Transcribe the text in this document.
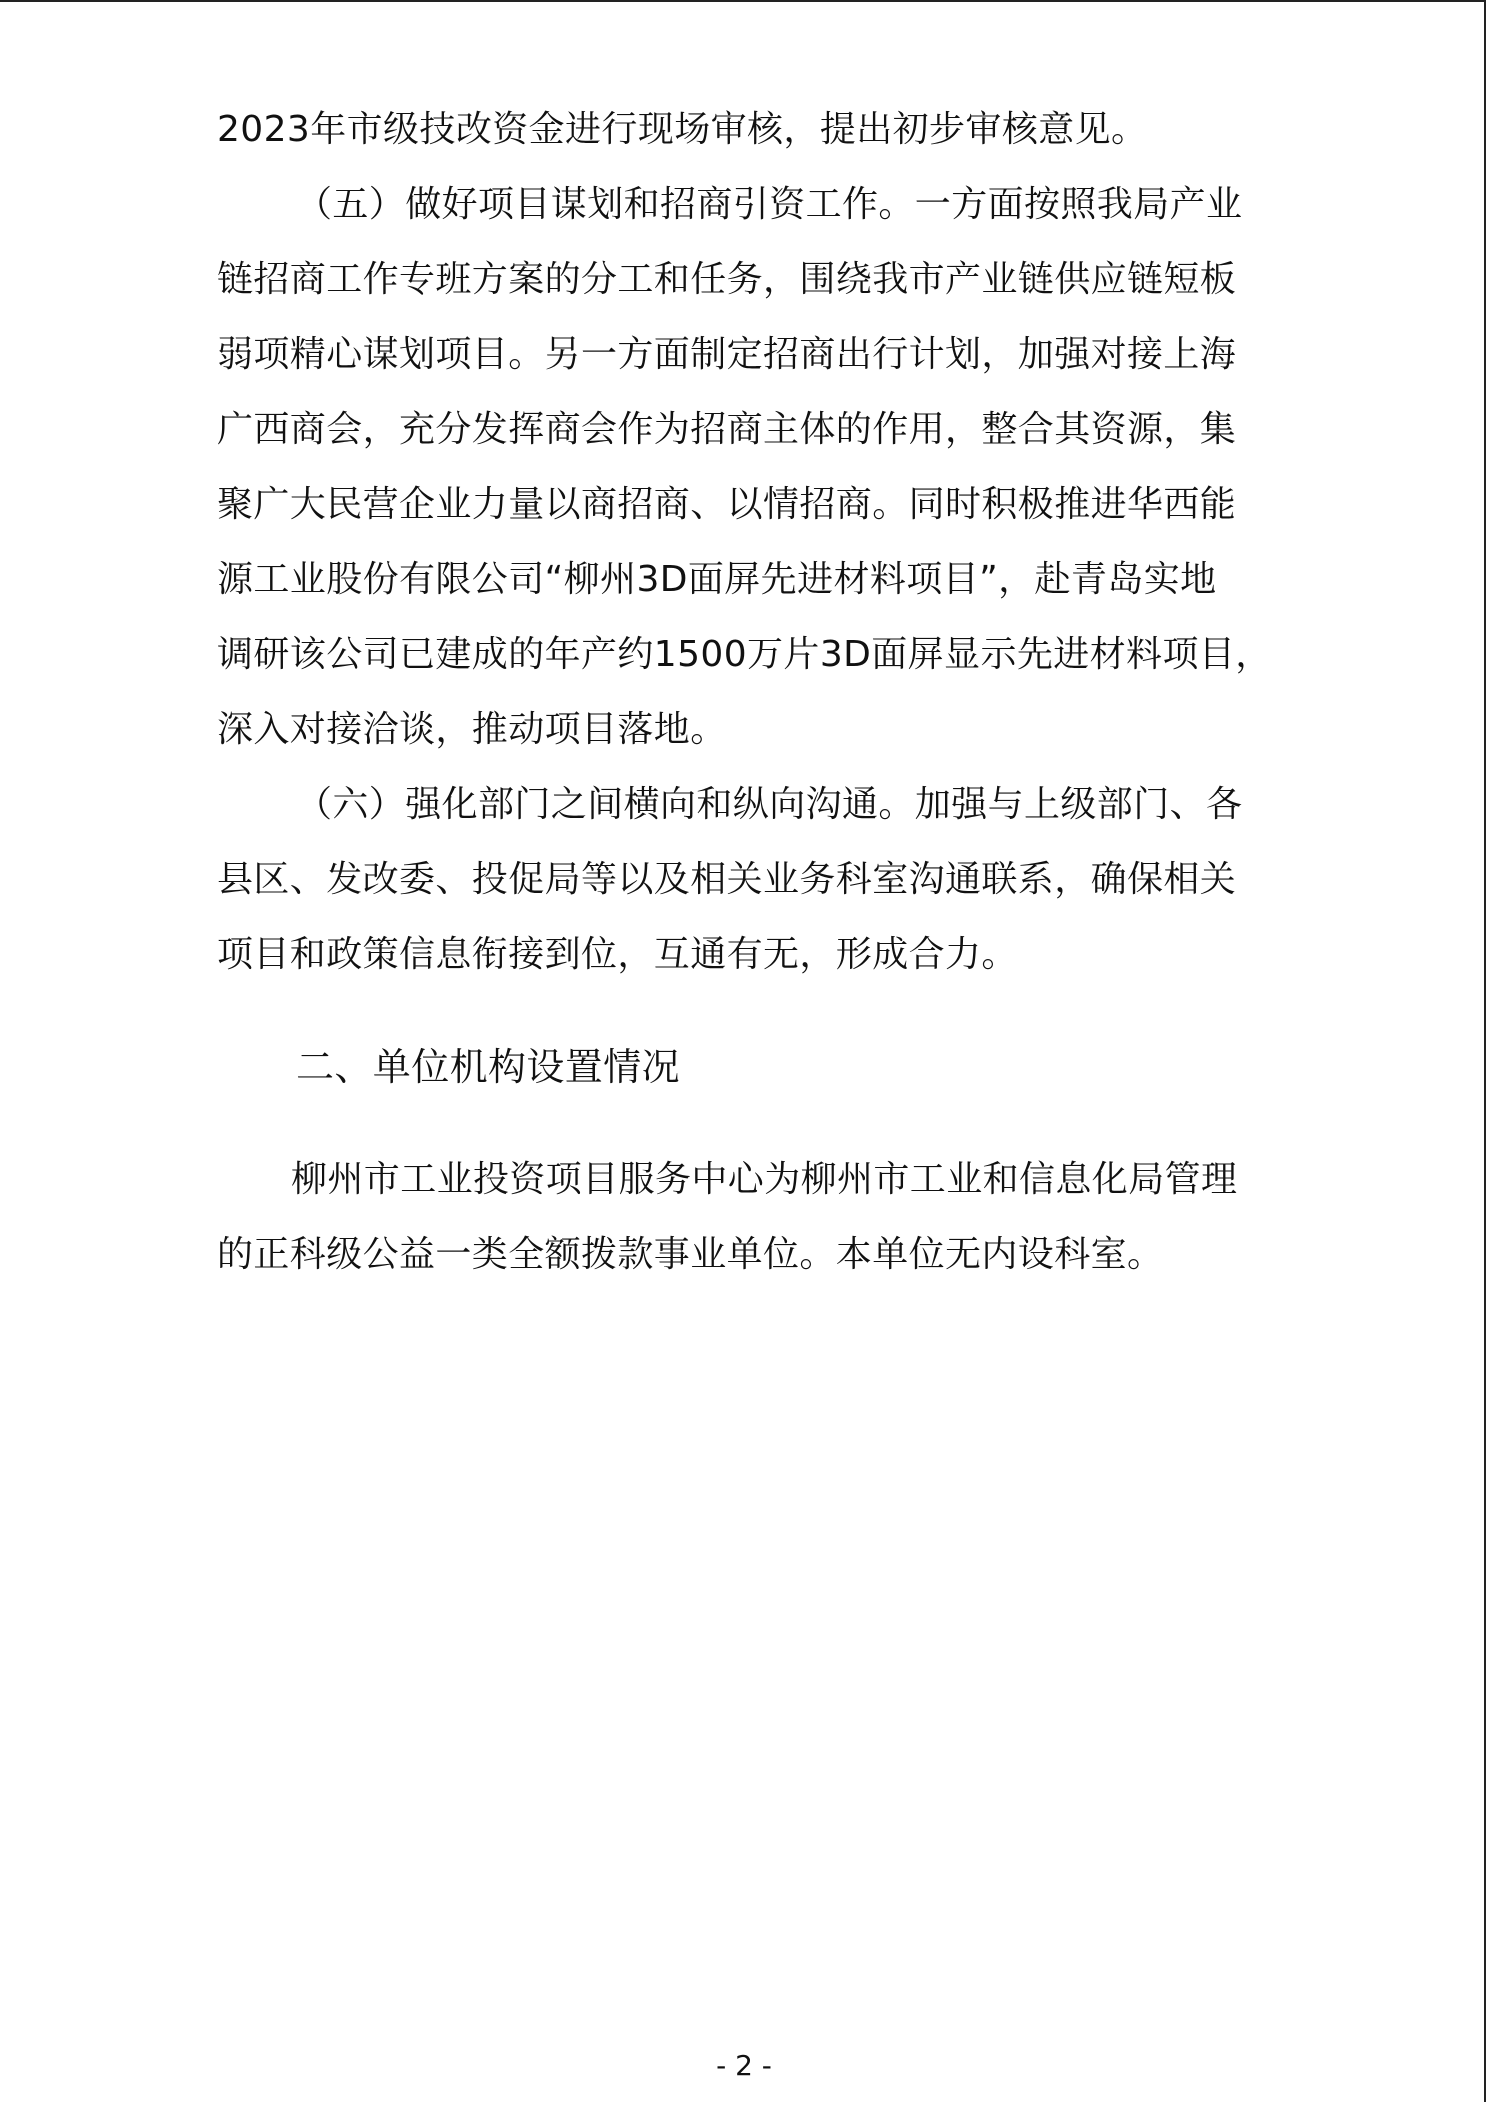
2023年市级技改资金进行现场审核，提出初步审核意见。
（五）做好项目谋划和招商引资工作。一方面按照我局产业
链招商工作专班方案的分工和任务，围绕我市产业链供应链短板
弱项精心谋划项目。另一方面制定招商出行计划，加强对接上海
广西商会，充分发挥商会作为招商主体的作用，整合其资源，集
聚广大民营企业力量以商招商、以情招商。同时积极推进华西能
源工业股份有限公司“柳州3D面屏先进材料项目”，赴青岛实地
调研该公司已建成的年产约1500万片3D面屏显示先进材料项目，
深入对接洽谈，推动项目落地。
（六）强化部门之间横向和纵向沟通。加强与上级部门、各
县区、发改委、投促局等以及相关业务科室沟通联系，确保相关
项目和政策信息衔接到位，互通有无，形成合力。
二、单位机构设置情况
柳州市工业投资项目服务中心为柳州市工业和信息化局管理
的正科级公益一类全额拨款事业单位。本单位无内设科室。
- 2 -
